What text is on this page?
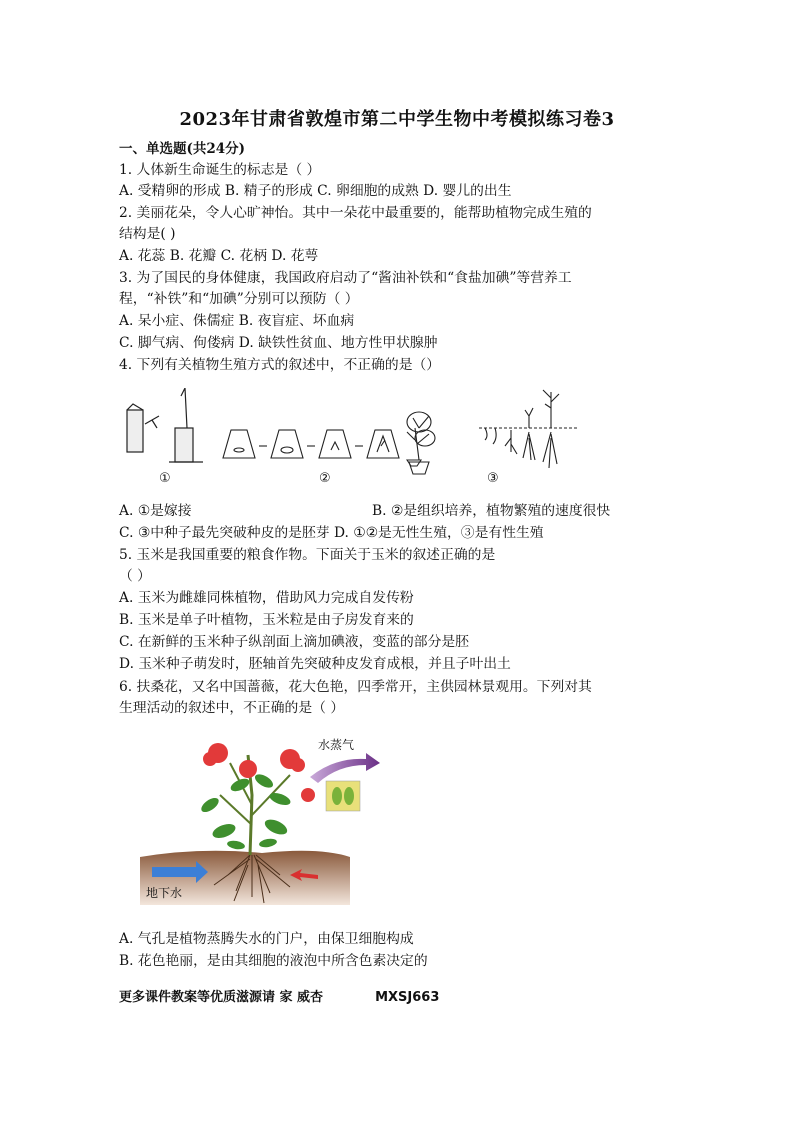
2023年甘肃省敦煌市第二中学生物中考模拟练习卷3
一、单选题(共24分)
1. 人体新生命诞生的标志是（ ）
A. 受精卵的形成 B. 精子的形成 C. 卵细胞的成熟 D. 婴儿的出生
2. 美丽花朵，令人心旷神怡。其中一朵花中最重要的，能帮助植物完成生殖的
结构是( )
A. 花蕊 B. 花瓣 C. 花柄 D. 花萼
3. 为了国民的身体健康，我国政府启动了“酱油补铁和“食盐加碘”等营养工
程，“补铁”和“加碘”分别可以预防（ ）
A. 呆小症、侏儒症 B. 夜盲症、坏血病
C. 脚气病、佝偻病 D. 缺铁性贫血、地方性甲状腺肿
4. 下列有关植物生殖方式的叙述中，不正确的是（）
①	②	③
A. ①是嫁接	B. ②是组织培养，植物繁殖的速度很快
C. ③中种子最先突破种皮的是胚芽 D. ①②是无性生殖，③是有性生殖
5. 玉米是我国重要的粮食作物。下面关于玉米的叙述正确的是
（ ）
A. 玉米为雌雄同株植物，借助风力完成自发传粉
B. 玉米是单子叶植物，玉米粒是由子房发育来的
C. 在新鲜的玉米种子纵剖面上滴加碘液，变蓝的部分是胚
D. 玉米种子萌发时，胚轴首先突破种皮发育成根，并且子叶出土
6. 扶桑花，又名中国蔷薇，花大色艳，四季常开，主供园林景观用。下列对其
生理活动的叙述中，不正确的是（ ）
水蒸气
地下水
A. 气孔是植物蒸腾失水的门户，由保卫细胞构成
B. 花色艳丽，是由其细胞的液泡中所含色素决定的
更多课件教案等优质滋源请 家 威杏	MXSJ663
